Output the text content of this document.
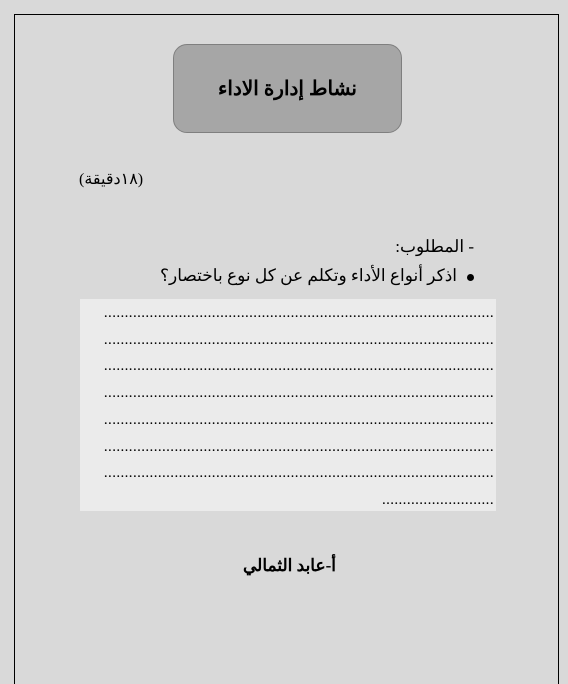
نشاط إدارة الاداء
(١٨دقيقة)
- المطلوب:
اذكر أنواع الأداء وتكلم عن كل نوع باختصار؟
..............................................................................................
..............................................................................................
..............................................................................................
..............................................................................................
..............................................................................................
..............................................................................................
..............................................................................................
...........................
أ-عابد الثمالي
